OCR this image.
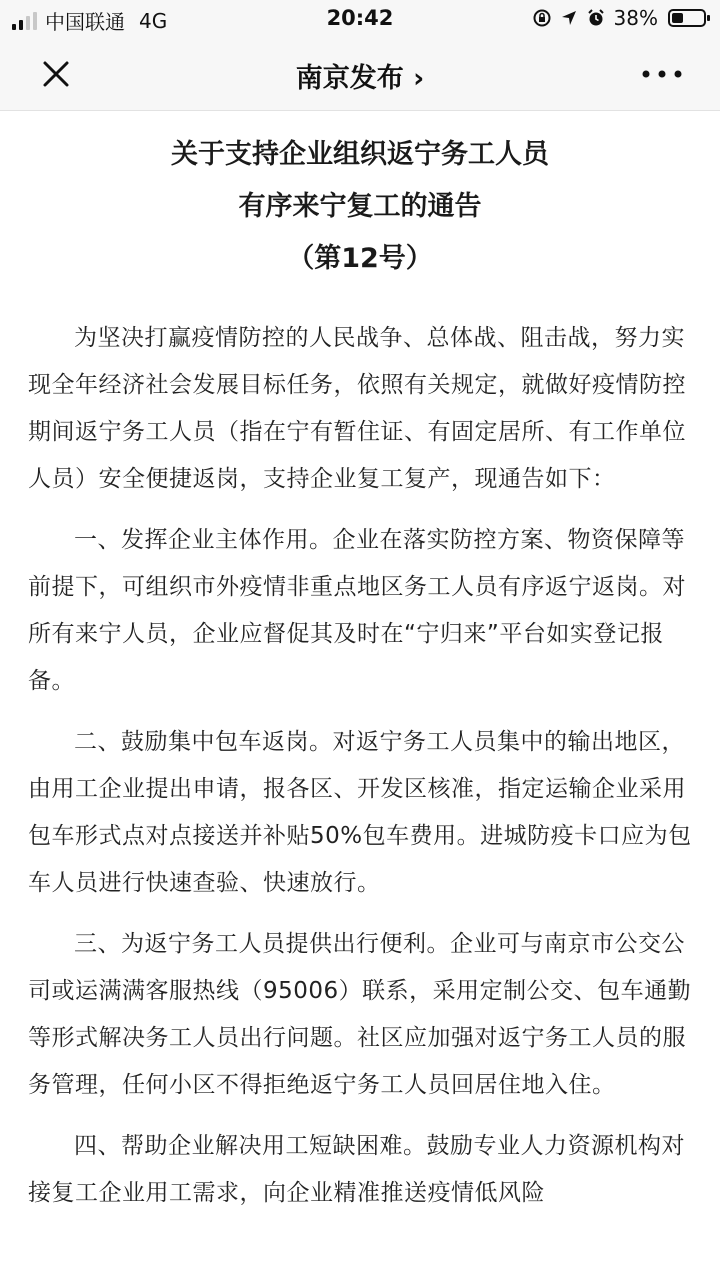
中国联通 4G	20:42	38%
南京发布 ›
关于支持企业组织返宁务工人员
有序来宁复工的通告
（第12号）

为坚决打赢疫情防控的人民战争、总体战、阻击战，努力实现全年经济社会发展目标任务，依照有关规定，就做好疫情防控期间返宁务工人员（指在宁有暂住证、有固定居所、有工作单位人员）安全便捷返岗，支持企业复工复产，现通告如下：

一、发挥企业主体作用。企业在落实防控方案、物资保障等前提下，可组织市外疫情非重点地区务工人员有序返宁返岗。对所有来宁人员，企业应督促其及时在“宁归来”平台如实登记报备。

二、鼓励集中包车返岗。对返宁务工人员集中的输出地区，由用工企业提出申请，报各区、开发区核准，指定运输企业采用包车形式点对点接送并补贴50%包车费用。进城防疫卡口应为包车人员进行快速查验、快速放行。

三、为返宁务工人员提供出行便利。企业可与南京市公交公司或运满满客服热线（95006）联系，采用定制公交、包车通勤等形式解决务工人员出行问题。社区应加强对返宁务工人员的服务管理，任何小区不得拒绝返宁务工人员回居住地入住。

四、帮助企业解决用工短缺困难。鼓励专业人力资源机构对接复工企业用工需求，向企业精准推送疫情低风险
